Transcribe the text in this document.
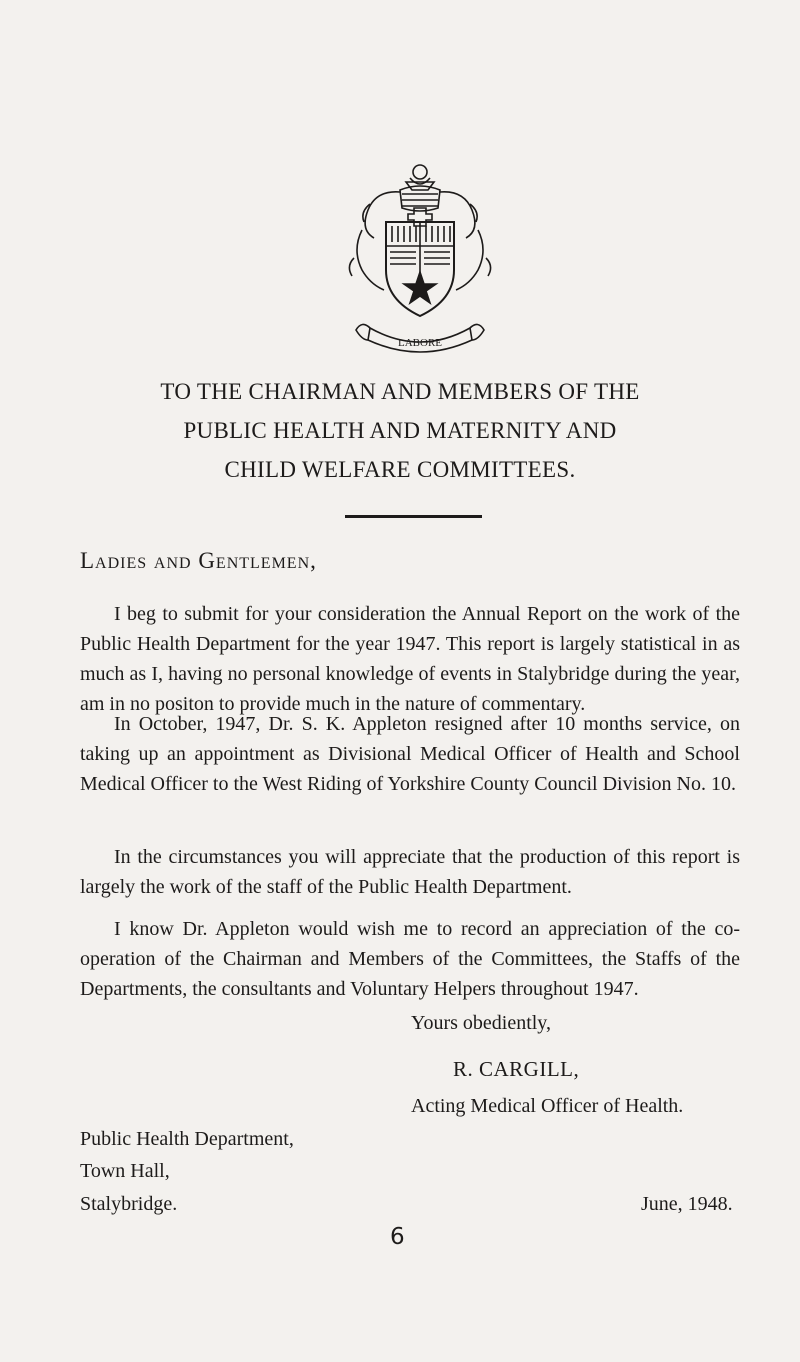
LABORE
TO THE CHAIRMAN AND MEMBERS OF THE
PUBLIC HEALTH AND MATERNITY AND
CHILD WELFARE COMMITTEES.
Ladies and Gentlemen,
I beg to submit for your consideration the Annual Report on the work of the Public Health Department for the year 1947. This report is largely statistical in as much as I, having no personal knowledge of events in Stalybridge during the year, am in no positon to provide much in the nature of commentary.
In October, 1947, Dr. S. K. Appleton resigned after 10 months service, on taking up an appointment as Divisional Medical Officer of Health and School Medical Officer to the West Riding of Yorkshire County Council Division No. 10.
In the circumstances you will appreciate that the production of this report is largely the work of the staff of the Public Health Department.
I know Dr. Appleton would wish me to record an appreciation of the co-operation of the Chairman and Members of the Committees, the Staffs of the Departments, the consultants and Voluntary Helpers throughout 1947.
Yours obediently,
R. CARGILL,
Acting Medical Officer of Health.
Public Health Department,
Town Hall,
Stalybridge.	June, 1948.
6
